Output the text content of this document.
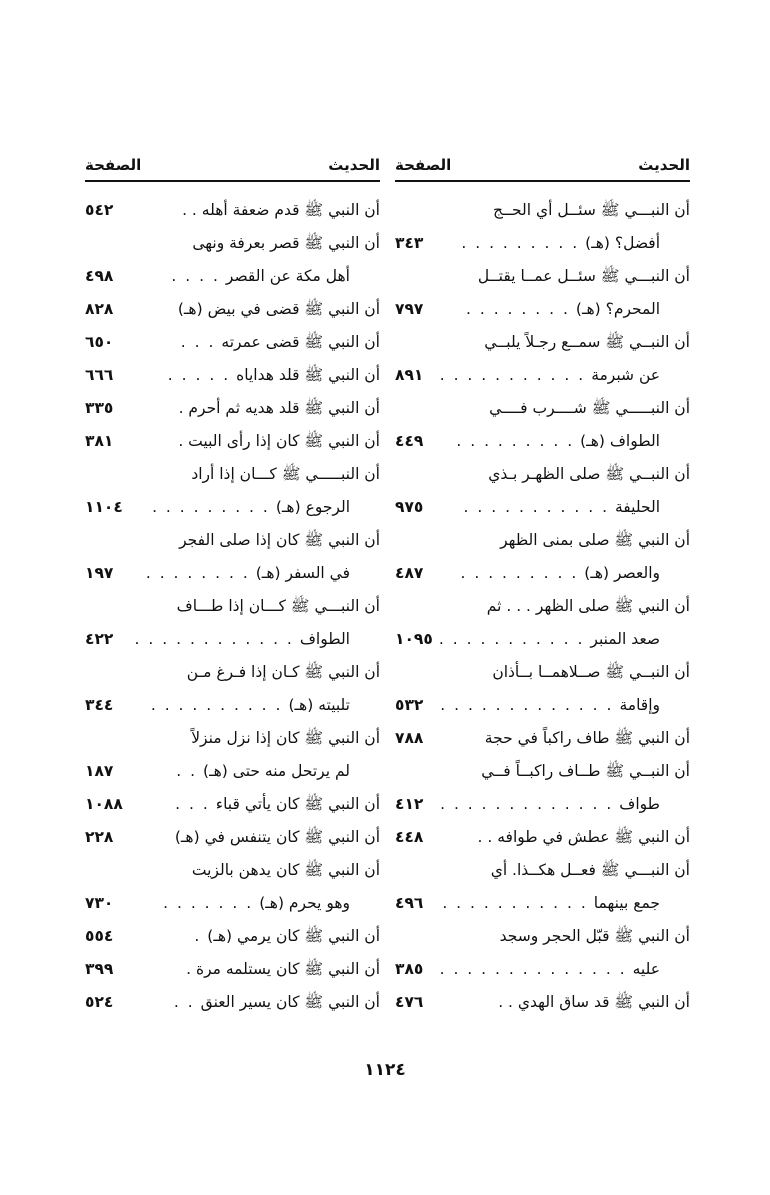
الحديث
الصفحة
أن النبـــي ﷺ سئــل أي الحــج
أفضل؟ (هـ). . . . . . . . .
٣٤٣
أن النبـــي ﷺ سئــل عمــا يقتــل
المحرم؟ (هـ). . . . . . . .
٧٩٧
أن النبــي ﷺ سمــع رجـلاً يلبــي
عن شبرمة. . . . . . . . . . .
٨٩١
أن النبـــــي ﷺ شــــرب فــــي
الطواف (هـ). . . . . . . . .
٤٤٩
أن النبــي ﷺ صلى الظهـر بـذي
الحليفة. . . . . . . . . . .
٩٧٥
أن النبي ﷺ صلى بمنى الظهر
والعصر (هـ). . . . . . . . .
٤٨٧
أن النبي ﷺ صلى الظهر . . . ثم
صعد المنبر. . . . . . . . . . .
١٠٩٥
أن النبــي ﷺ صــلاهمــا بــأذان
وإقامة. . . . . . . . . . . . .
٥٣٢
أن النبي ﷺ طاف راكباً في حجة
٧٨٨
أن النبــي ﷺ طــاف راكبــاً فــي
طواف. . . . . . . . . . . . .
٤١٢
أن النبي ﷺ عطش في طوافه . .
٤٤٨
أن النبـــي ﷺ فعــل هكــذا. أي
جمع بينهما. . . . . . . . . . .
٤٩٦
أن النبي ﷺ قبّل الحجر وسجد
عليه. . . . . . . . . . . . . .
٣٨٥
أن النبي ﷺ قد ساق الهدي . .
٤٧٦
الحديث
الصفحة
أن النبي ﷺ قدم ضعفة أهله . .
٥٤٢
أن النبي ﷺ قصر بعرفة ونهى
أهل مكة عن القصر. . . .
٤٩٨
أن النبي ﷺ قضى في بيض (هـ)
٨٢٨
أن النبي ﷺ قضى عمرته. . .
٦٥٠
أن النبي ﷺ قلد هداياه. . . . .
٦٦٦
أن النبي ﷺ قلد هديه ثم أحرم .
٣٣٥
أن النبي ﷺ كان إذا رأى البيت .
٣٨١
أن النبـــــي ﷺ كـــان إذا أراد
الرجوع (هـ). . . . . . . . .
١١٠٤
أن النبي ﷺ كان إذا صلى الفجر
في السفر (هـ). . . . . . . .
١٩٧
أن النبـــي ﷺ كـــان إذا طـــاف
الطواف. . . . . . . . . . . .
٤٢٢
أن النبي ﷺ كـان إذا فـرغ مـن
تلبيته (هـ). . . . . . . . . .
٣٤٤
أن النبي ﷺ كان إذا نزل منزلاً
لم يرتحل منه حتى (هـ). .
١٨٧
أن النبي ﷺ كان يأتي قباء. . .
١٠٨٨
أن النبي ﷺ كان يتنفس في (هـ)
٢٢٨
أن النبي ﷺ كان يدهن بالزيت
وهو يحرم (هـ). . . . . . .
٧٣٠
أن النبي ﷺ كان يرمي (هـ).
٥٥٤
أن النبي ﷺ كان يستلمه مرة .
٣٩٩
أن النبي ﷺ كان يسير العنق. .
٥٢٤
١١٢٤
